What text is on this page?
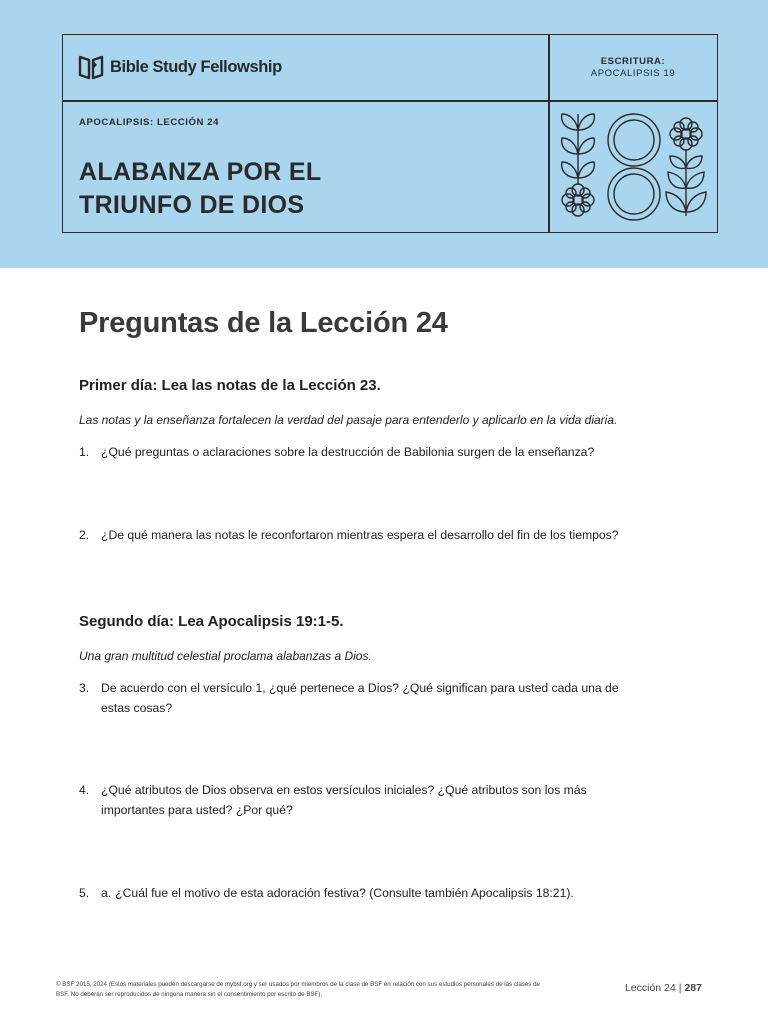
Bible Study Fellowship	ESCRITURA:
APOCALIPSIS 19
APOCALIPSIS: LECCIÓN 24
ALABANZA POR EL
TRIUNFO DE DIOS
Preguntas de la Lección 24
Primer día: Lea las notas de la Lección 23.
Las notas y la enseñanza fortalecen la verdad del pasaje para entenderlo y aplicarlo en la vida diaria.
1. ¿Qué preguntas o aclaraciones sobre la destrucción de Babilonia surgen de la enseñanza?
2. ¿De qué manera las notas le reconfortaron mientras espera el desarrollo del fin de los tiempos?
Segundo día: Lea Apocalipsis 19:1-5.
Una gran multitud celestial proclama alabanzas a Dios.
3. De acuerdo con el versículo 1, ¿qué pertenece a Dios? ¿Qué significan para usted cada una de estas cosas?
4. ¿Qué atributos de Dios observa en estos versículos iniciales? ¿Qué atributos son los más importantes para usted? ¿Por qué?
5. a. ¿Cuál fue el motivo de esta adoración festiva? (Consulte también Apocalipsis 18:21).
© BSF 2015, 2024 (Estos materiales pueden descargarse de mybsf.org y ser usados por miembros de la clase de BSF en relación con sus estudios personales de las clases de BSF. No deberán ser reproducidos de ninguna manera sin el consentimiento por escrito de BSF).
Lección 24 | 287
